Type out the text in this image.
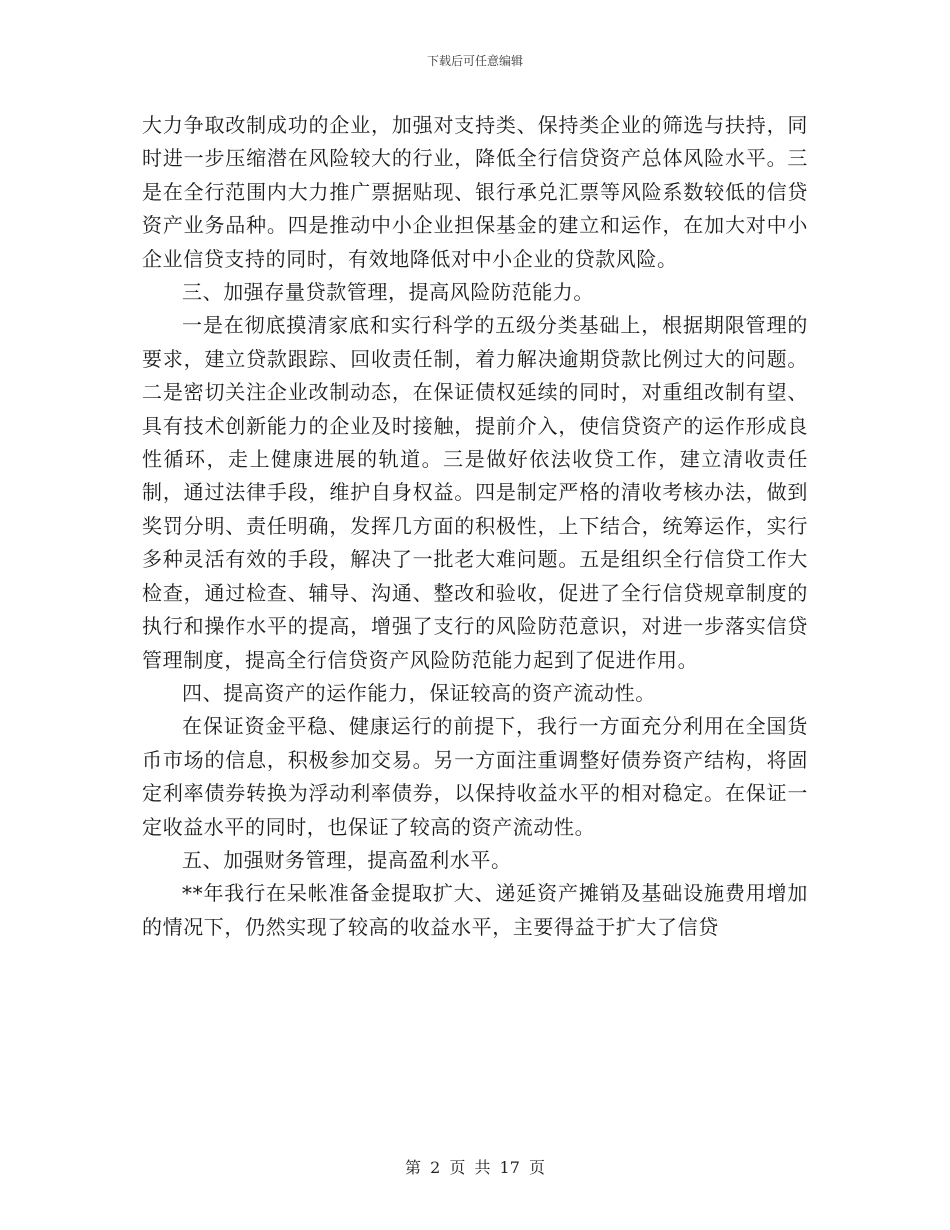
下载后可任意编辑

大力争取改制成功的企业，加强对支持类、保持类企业的筛选与扶持，同时进一步压缩潜在风险较大的行业，降低全行信贷资产总体风险水平。三是在全行范围内大力推广票据贴现、银行承兑汇票等风险系数较低的信贷资产业务品种。四是推动中小企业担保基金的建立和运作，在加大对中小企业信贷支持的同时，有效地降低对中小企业的贷款风险。

三、加强存量贷款管理，提高风险防范能力。

一是在彻底摸清家底和实行科学的五级分类基础上，根据期限管理的要求，建立贷款跟踪、回收责任制，着力解决逾期贷款比例过大的问题。二是密切关注企业改制动态，在保证债权延续的同时，对重组改制有望、具有技术创新能力的企业及时接触，提前介入，使信贷资产的运作形成良性循环，走上健康进展的轨道。三是做好依法收贷工作，建立清收责任制，通过法律手段，维护自身权益。四是制定严格的清收考核办法，做到奖罚分明、责任明确，发挥几方面的积极性，上下结合，统筹运作，实行多种灵活有效的手段，解决了一批老大难问题。五是组织全行信贷工作大检查，通过检查、辅导、沟通、整改和验收，促进了全行信贷规章制度的执行和操作水平的提高，增强了支行的风险防范意识，对进一步落实信贷管理制度，提高全行信贷资产风险防范能力起到了促进作用。

四、提高资产的运作能力，保证较高的资产流动性。

在保证资金平稳、健康运行的前提下，我行一方面充分利用在全国货币市场的信息，积极参加交易。另一方面注重调整好债券资产结构，将固定利率债券转换为浮动利率债券，以保持收益水平的相对稳定。在保证一定收益水平的同时，也保证了较高的资产流动性。

五、加强财务管理，提高盈利水平。

**年我行在呆帐准备金提取扩大、递延资产摊销及基础设施费用增加的情况下，仍然实现了较高的收益水平，主要得益于扩大了信贷

第 2 页 共 17 页
